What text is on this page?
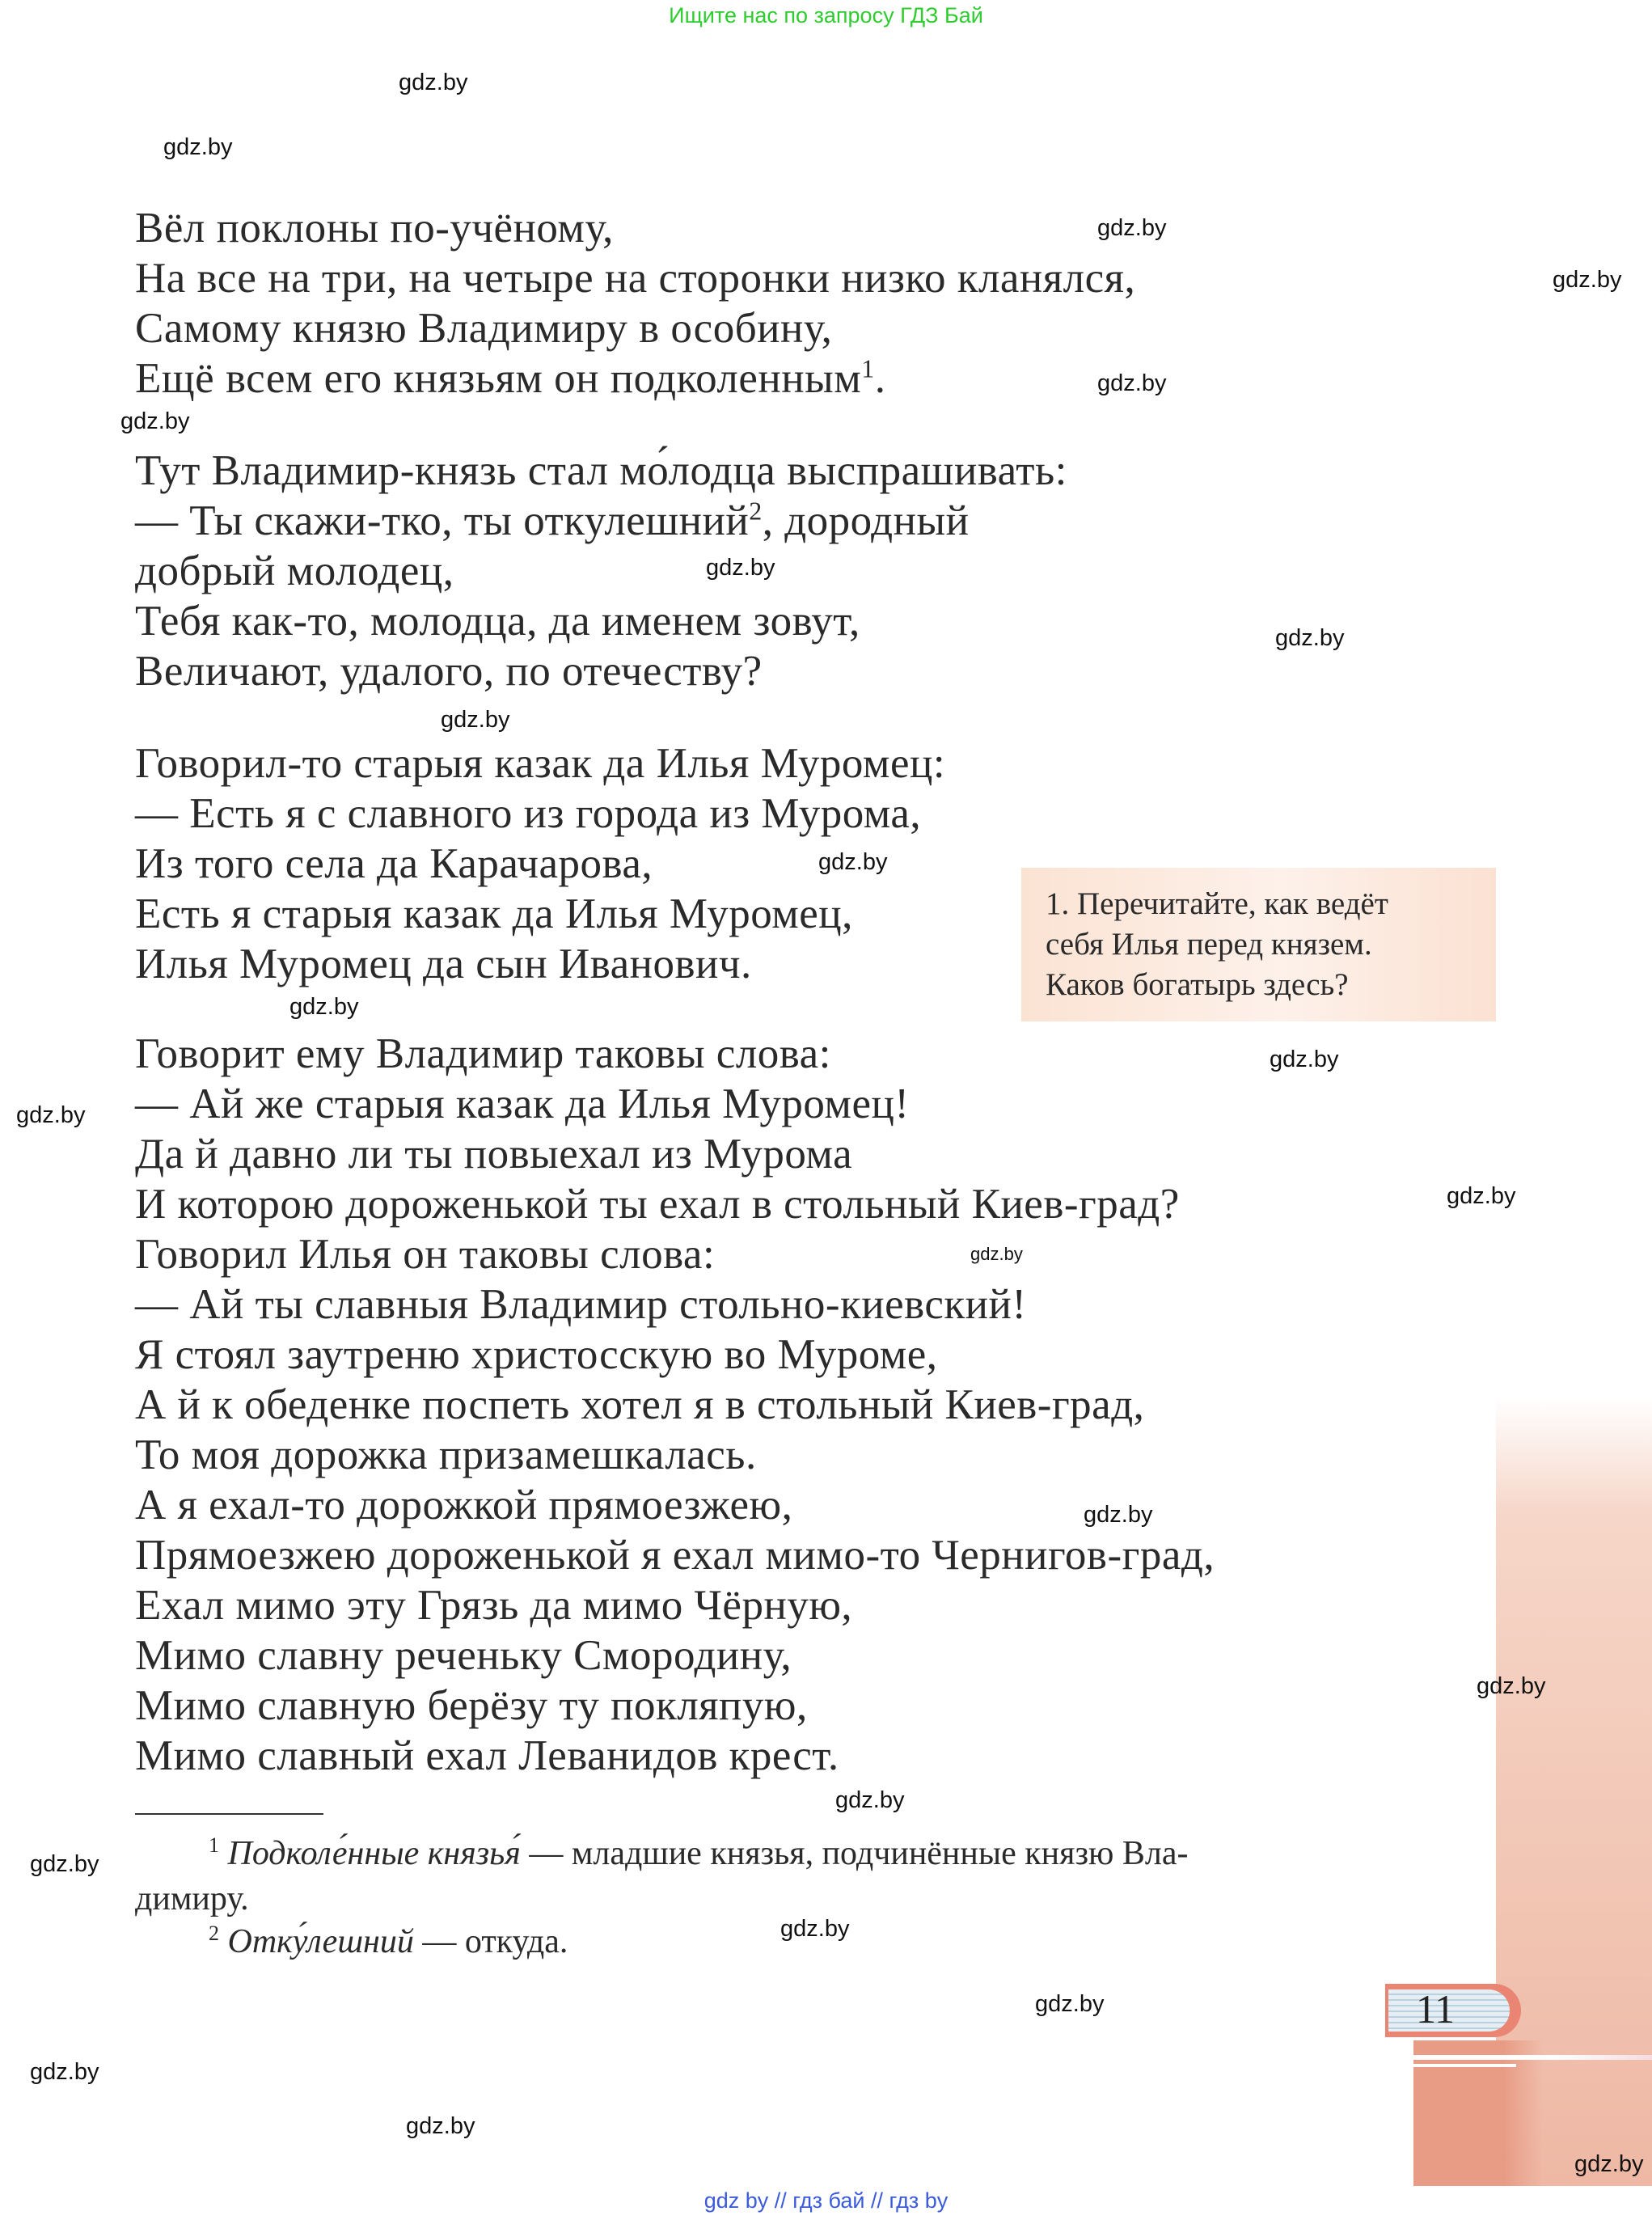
Ищите нас по запросу ГДЗ Бай
11
Вёл поклоны по-учёному,
На все на три, на четыре на сторонки низко кланялся,
Самому князю Владимиру в особину,
Ещё всем его князьям он подколенным$^1$.
Тут Владимир-князь стал мо́лодца выспрашивать:
— Ты скажи-тко, ты откулешний$^2$, дородный
добрый молодец,
Тебя как-то, молодца, да именем зовут,
Величают, удалого, по отечеству?
Говорил-то старыя казак да Илья Муромец:
— Есть я с славного из города из Мурома,
Из того села да Карачарова,
Есть я старыя казак да Илья Муромец,
Илья Муромец да сын Иванович.
Говорит ему Владимир таковы слова:
— Ай же старыя казак да Илья Муромец!
Да й давно ли ты повыехал из Мурома
И которою дороженькой ты ехал в стольный Киев-град?
Говорил Илья он таковы слова:
— Ай ты славныя Владимир стольно-киевский!
Я стоял заутреню христосскую во Муроме,
А й к обеденке поспеть хотел я в стольный Киев-град,
То моя дорожка призамешкалась.
А я ехал-то дорожкой прямоезжею,
Прямоезжею дороженькой я ехал мимо-то Чернигов-град,
Ехал мимо эту Грязь да мимо Чёрную,
Мимо славну реченьку Смородину,
Мимо славную берёзу ту покляпую,
Мимо славный ехал Леванидов крест.
1. Перечитайте, как ведёт
себя Илья перед князем.
Каков богатырь здесь?
$^1$ Подколе́нные князья́ — младшие князья, подчинённые князю Вла-
димиру.
$^2$ Отку́лешний — откуда.
gdz.by
gdz.by
gdz.by
gdz.by
gdz.by
gdz.by
gdz.by
gdz.by
gdz.by
gdz.by
gdz.by
gdz.by
gdz.by
gdz.by
gdz.by
gdz.by
gdz.by
gdz.by
gdz.by
gdz.by
gdz.by
gdz.by
gdz.by
gdz.by
gdz by // гдз бай // гдз by
